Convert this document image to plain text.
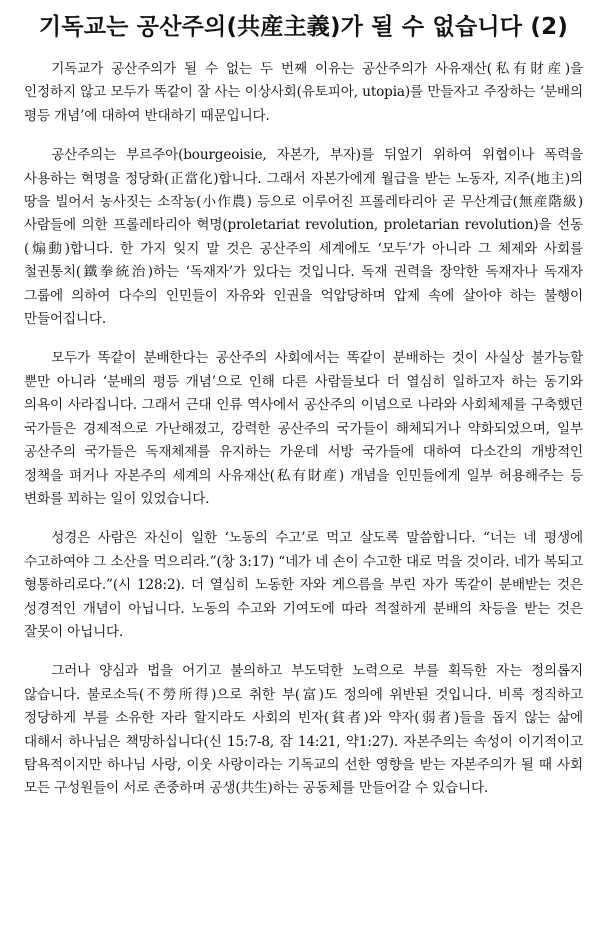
기독교는 공산주의(共産主義)가 될 수 없습니다 (2)

기독교가 공산주의가 될 수 없는 두 번째 이유는 공산주의가 사유재산(私有財産)을 인정하지 않고 모두가 똑같이 잘 사는 이상사회(유토피아, utopia)를 만들자고 주장하는 ‘분배의 평등 개념’에 대하여 반대하기 때문입니다.

공산주의는 부르주아(bourgeoisie, 자본가, 부자)를 뒤엎기 위하여 위협이나 폭력을 사용하는 혁명을 정당화(正當化)합니다. 그래서 자본가에게 월급을 받는 노동자, 지주(地主)의 땅을 빌어서 농사짓는 소작농(小作農) 등으로 이루어진 프롤레타리아 곧 무산계급(無産階級) 사람들에 의한 프롤레타리아 혁명(proletariat revolution, proletarian revolution)을 선동(煽動)합니다. 한 가지 잊지 말 것은 공산주의 세계에도 ‘모두’가 아니라 그 체제와 사회를 철권통치(鐵拳統治)하는 ‘독재자’가 있다는 것입니다. 독재 권력을 장악한 독재자나 독재자 그룹에 의하여 다수의 인민들이 자유와 인권을 억압당하며 압제 속에 살아야 하는 불행이 만들어집니다.

모두가 똑같이 분배한다는 공산주의 사회에서는 똑같이 분배하는 것이 사실상 불가능할 뿐만 아니라 ‘분배의 평등 개념’으로 인해 다른 사람들보다 더 열심히 일하고자 하는 동기와 의욕이 사라집니다. 그래서 근대 인류 역사에서 공산주의 이념으로 나라와 사회체제를 구축했던 국가들은 경제적으로 가난해졌고, 강력한 공산주의 국가들이 해체되거나 약화되었으며, 일부 공산주의 국가들은 독재체제를 유지하는 가운데 서방 국가들에 대하여 다소간의 개방적인 정책을 펴거나 자본주의 세계의 사유재산(私有財産) 개념을 인민들에게 일부 허용해주는 등 변화를 꾀하는 일이 있었습니다.

성경은 사람은 자신이 일한 ‘노동의 수고’로 먹고 살도록 말씀합니다. “너는 네 평생에 수고하여야 그 소산을 먹으리라.”(창 3:17) “네가 네 손이 수고한 대로 먹을 것이라. 네가 복되고 형통하리로다.”(시 128:2). 더 열심히 노동한 자와 게으름을 부린 자가 똑같이 분배받는 것은 성경적인 개념이 아닙니다. 노동의 수고와 기여도에 따라 적절하게 분배의 차등을 받는 것은 잘못이 아닙니다.

그러나 양심과 법을 어기고 불의하고 부도덕한 노력으로 부를 획득한 자는 정의롭지 않습니다. 불로소득(不勞所得)으로 취한 부(富)도 정의에 위반된 것입니다. 비록 정직하고 정당하게 부를 소유한 자라 할지라도 사회의 빈자(貧者)와 약자(弱者)들을 돕지 않는 삶에 대해서 하나님은 책망하십니다(신 15:7-8, 잠 14:21, 약1:27). 자본주의는 속성이 이기적이고 탐욕적이지만 하나님 사랑, 이웃 사랑이라는 기독교의 선한 영향을 받는 자본주의가 될 때 사회 모든 구성원들이 서로 존중하며 공생(共生)하는 공동체를 만들어갈 수 있습니다.
